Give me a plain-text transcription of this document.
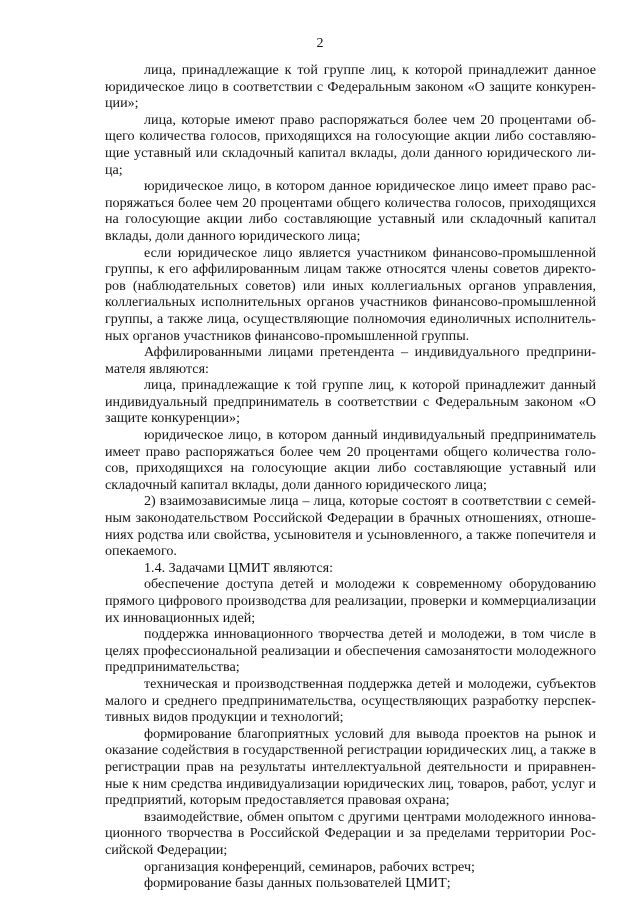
2

лица, принадлежащие к той группе лиц, к которой принадлежит данное юридическое лицо в соответствии с Федеральным законом «О защите конкуренции»;

лица, которые имеют право распоряжаться более чем 20 процентами общего количества голосов, приходящихся на голосующие акции либо составляющие уставный или складочный капитал вклады, доли данного юридического лица;

юридическое лицо, в котором данное юридическое лицо имеет право распоряжаться более чем 20 процентами общего количества голосов, приходящихся на голосующие акции либо составляющие уставный или складочный капитал вклады, доли данного юридического лица;

если юридическое лицо является участником финансово-промышленной группы, к его аффилированным лицам также относятся члены советов директоров (наблюдательных советов) или иных коллегиальных органов управления, коллегиальных исполнительных органов участников финансово-промышленной группы, а также лица, осуществляющие полномочия единоличных исполнительных органов участников финансово-промышленной группы.

Аффилированными лицами претендента – индивидуального предпринимателя являются:

лица, принадлежащие к той группе лиц, к которой принадлежит данный индивидуальный предприниматель в соответствии с Федеральным законом «О защите конкуренции»;

юридическое лицо, в котором данный индивидуальный предприниматель имеет право распоряжаться более чем 20 процентами общего количества голосов, приходящихся на голосующие акции либо составляющие уставный или складочный капитал вклады, доли данного юридического лица;

2) взаимозависимые лица – лица, которые состоят в соответствии с семейным законодательством Российской Федерации в брачных отношениях, отношениях родства или свойства, усыновителя и усыновленного, а также попечителя и опекаемого.

1.4. Задачами ЦМИТ являются:

обеспечение доступа детей и молодежи к современному оборудованию прямого цифрового производства для реализации, проверки и коммерциализации их инновационных идей;

поддержка инновационного творчества детей и молодежи, в том числе в целях профессиональной реализации и обеспечения самозанятости молодежного предпринимательства;

техническая и производственная поддержка детей и молодежи, субъектов малого и среднего предпринимательства, осуществляющих разработку перспективных видов продукции и технологий;

формирование благоприятных условий для вывода проектов на рынок и оказание содействия в государственной регистрации юридических лиц, а также в регистрации прав на результаты интеллектуальной деятельности и приравненные к ним средства индивидуализации юридических лиц, товаров, работ, услуг и предприятий, которым предоставляется правовая охрана;

взаимодействие, обмен опытом с другими центрами молодежного инновационного творчества в Российской Федерации и за пределами территории Российской Федерации;

организация конференций, семинаров, рабочих встреч;

формирование базы данных пользователей ЦМИТ;
